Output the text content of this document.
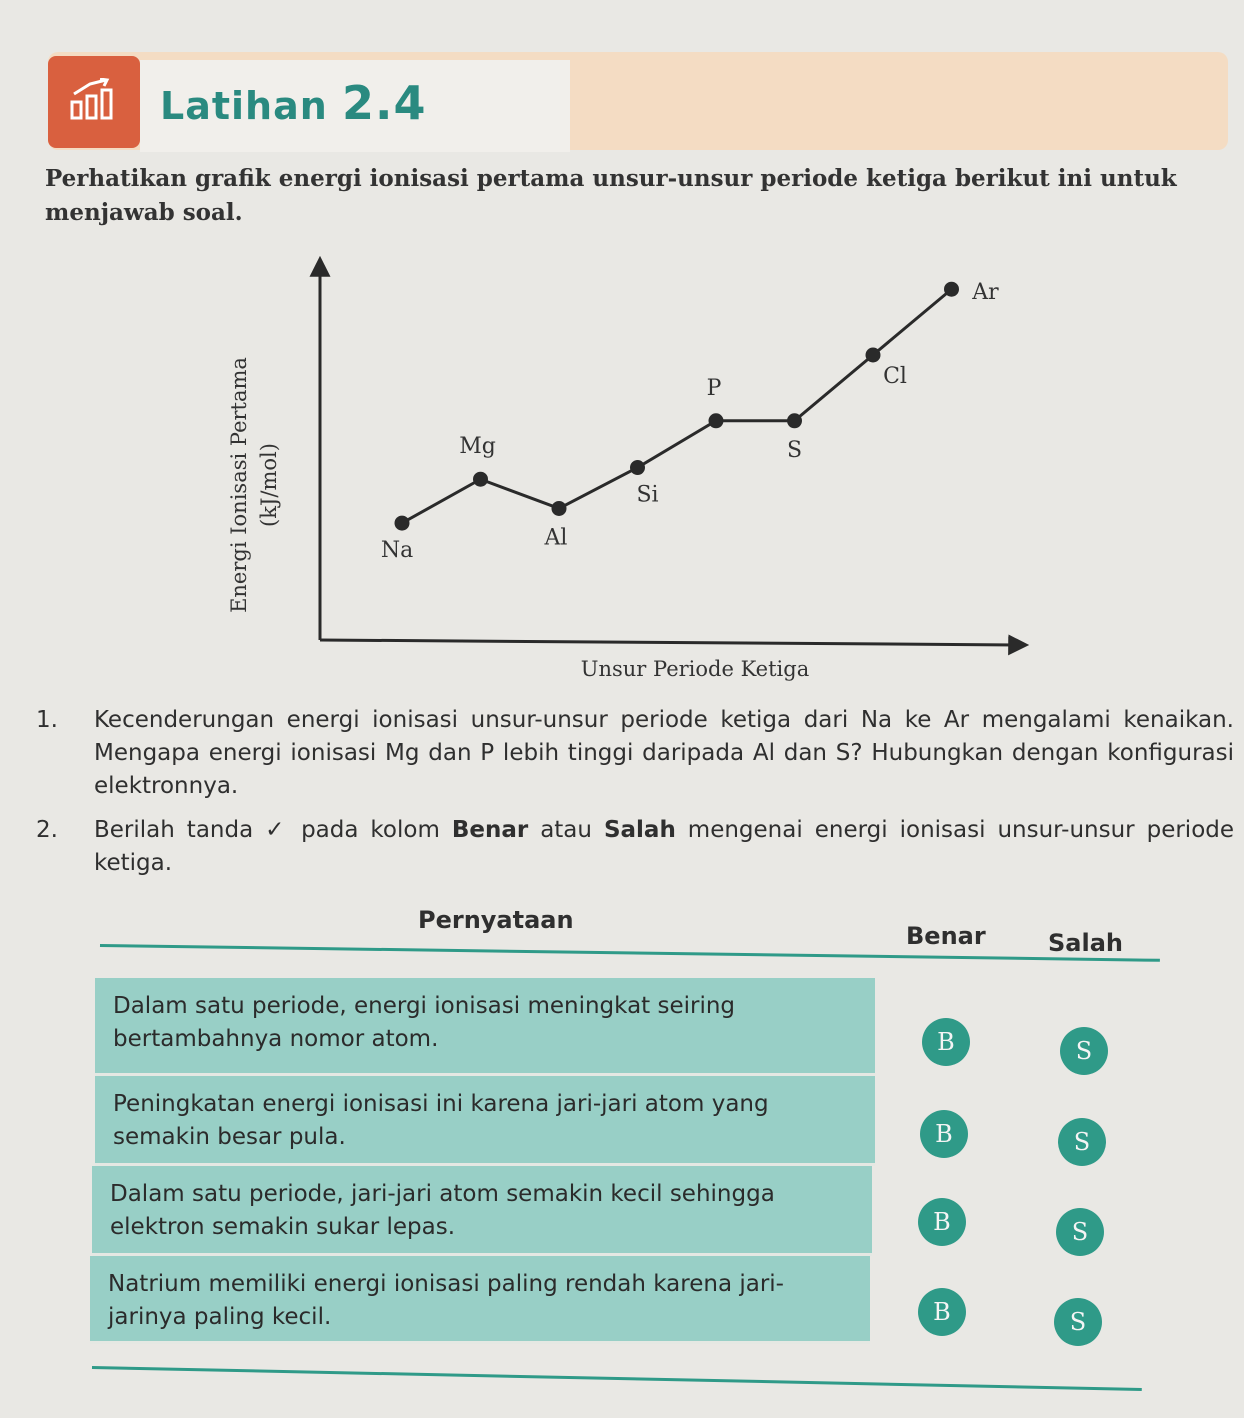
Latihan 2.4
Perhatikan grafik energi ionisasi pertama unsur-unsur periode ketiga berikut ini untuk menjawab soal.
Energi Ionisasi Pertama (kJ/mol)
Unsur Periode Ketiga
Na
Mg
Al
Si
P
S
Cl
Ar
1. Kecenderungan energi ionisasi unsur-unsur periode ketiga dari Na ke Ar mengalami kenaikan. Mengapa energi ionisasi Mg dan P lebih tinggi daripada Al dan S? Hubungkan dengan konfigurasi elektronnya.
2. Berilah tanda ✓ pada kolom Benar atau Salah mengenai energi ionisasi unsur-unsur periode ketiga.
Pernyataan
Benar	Salah
Dalam satu periode, energi ionisasi meningkat seiring bertambahnya nomor atom.	B	S
Peningkatan energi ionisasi ini karena jari-jari atom yang semakin besar pula.	B	S
Dalam satu periode, jari-jari atom semakin kecil sehingga elektron semakin sukar lepas.	B	S
Natrium memiliki energi ionisasi paling rendah karena jari-jarinya paling kecil.	B	S
